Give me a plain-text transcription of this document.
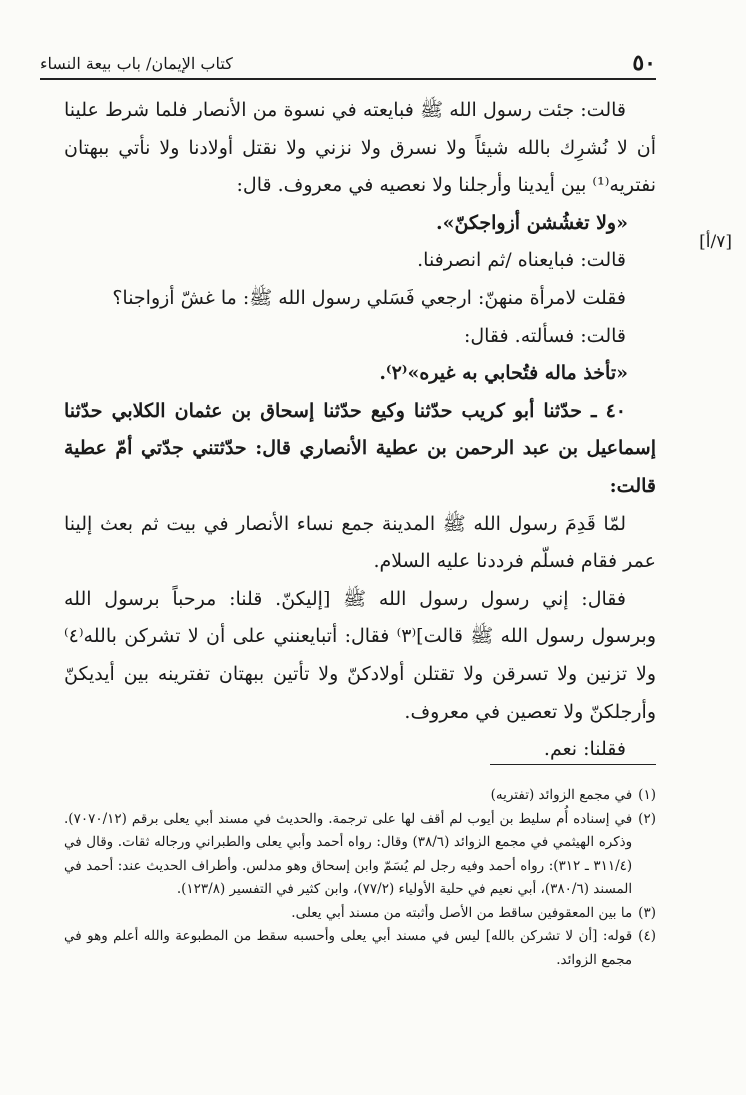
٥٠
كتاب الإيمان/ باب بيعة النساء
[٧/أ]

قالت: جئت رسول الله ﷺ فبايعته في نسوة من الأنصار فلما شرط علينا أن لا نُشرِك بالله شيئاً ولا نسرق ولا نزني ولا نقتل أولادنا ولا نأتي ببهتان نفتريه⁽¹⁾ بين أيدينا وأرجلنا ولا نعصيه في معروف. قال:

«ولا تغشُشن أزواجكنّ».

قالت: فبايعناه /ثم انصرفنا.

فقلت لامرأة منهنّ: ارجعي فَسَلي رسول الله ﷺ: ما غشّ أزواجنا؟

قالت: فسألته. فقال:

«تأخذ ماله فتُحابي به غيره»⁽٢⁾.

٤٠ ـ حدّثنا أبو كريب حدّثنا وكيع حدّثنا إسحاق بن عثمان الكلابي حدّثنا إسماعيل بن عبد الرحمن بن عطية الأنصاري قال: حدّثتني جدّتي أمّ عطية قالت:

لمّا قَدِمَ رسول الله ﷺ المدينة جمع نساء الأنصار في بيت ثم بعث إلينا عمر فقام فسلّم فرددنا عليه السلام.

فقال: إني رسول رسول الله ﷺ [إليكنّ. قلنا: مرحباً برسول الله وبرسول رسول الله ﷺ قالت]⁽٣⁾ فقال: أتبايعنني على أن لا تشركن بالله⁽٤⁾ ولا تزنين ولا تسرقن ولا تقتلن أولادكنّ ولا تأتين ببهتان تفترينه بين أيديكنّ وأرجلكنّ ولا تعصين في معروف.

فقلنا: نعم.

(١)
في مجمع الزوائد (تفتريه)
(٢)
في إسناده أُم سليط بن أيوب لم أقف لها على ترجمة. والحديث في مسند أبي يعلى برقم (٧٠٧٠/١٢). وذكره الهيثمي في مجمع الزوائد (٣٨/٦) وقال: رواه أحمد وأبي يعلى والطبراني ورجاله ثقات. وقال في (٣١١/٤ ـ ٣١٢): رواه أحمد وفيه رجل لم يُسَمّ وابن إسحاق وهو مدلس. وأطراف الحديث عند: أحمد في المسند (٣٨٠/٦)، أبي نعيم في حلية الأولياء (٧٧/٢)، وابن كثير في التفسير (١٢٣/٨).
(٣)
ما بين المعقوفين ساقط من الأصل وأثبته من مسند أبي يعلى.
(٤)
قوله: [أن لا تشركن بالله] ليس في مسند أبي يعلى وأحسبه سقط من المطبوعة والله أعلم وهو في مجمع الزوائد.
